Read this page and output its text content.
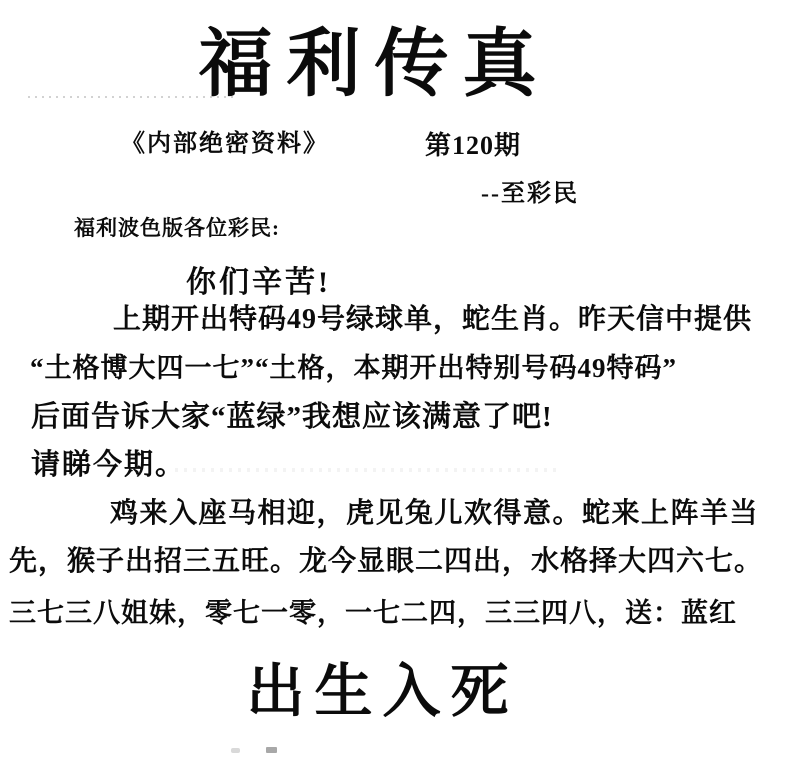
福利传真
《内部绝密资料》	第120期
--至彩民
福利波色版各位彩民:
你们辛苦!
上期开出特码49号绿球单，蛇生肖。昨天信中提供
“土格博大四一七”“土格，本期开出特别号码49特码”
后面告诉大家“蓝绿”我想应该满意了吧!
请睇今期｡
鸡来入座马相迎，虎见兔儿欢得意。蛇来上阵羊当
先，猴子出招三五旺。龙今显眼二四出，水格择大四六七。
三七三八姐妹，零七一零，一七二四，三三四八，送：蓝红
出生入死
